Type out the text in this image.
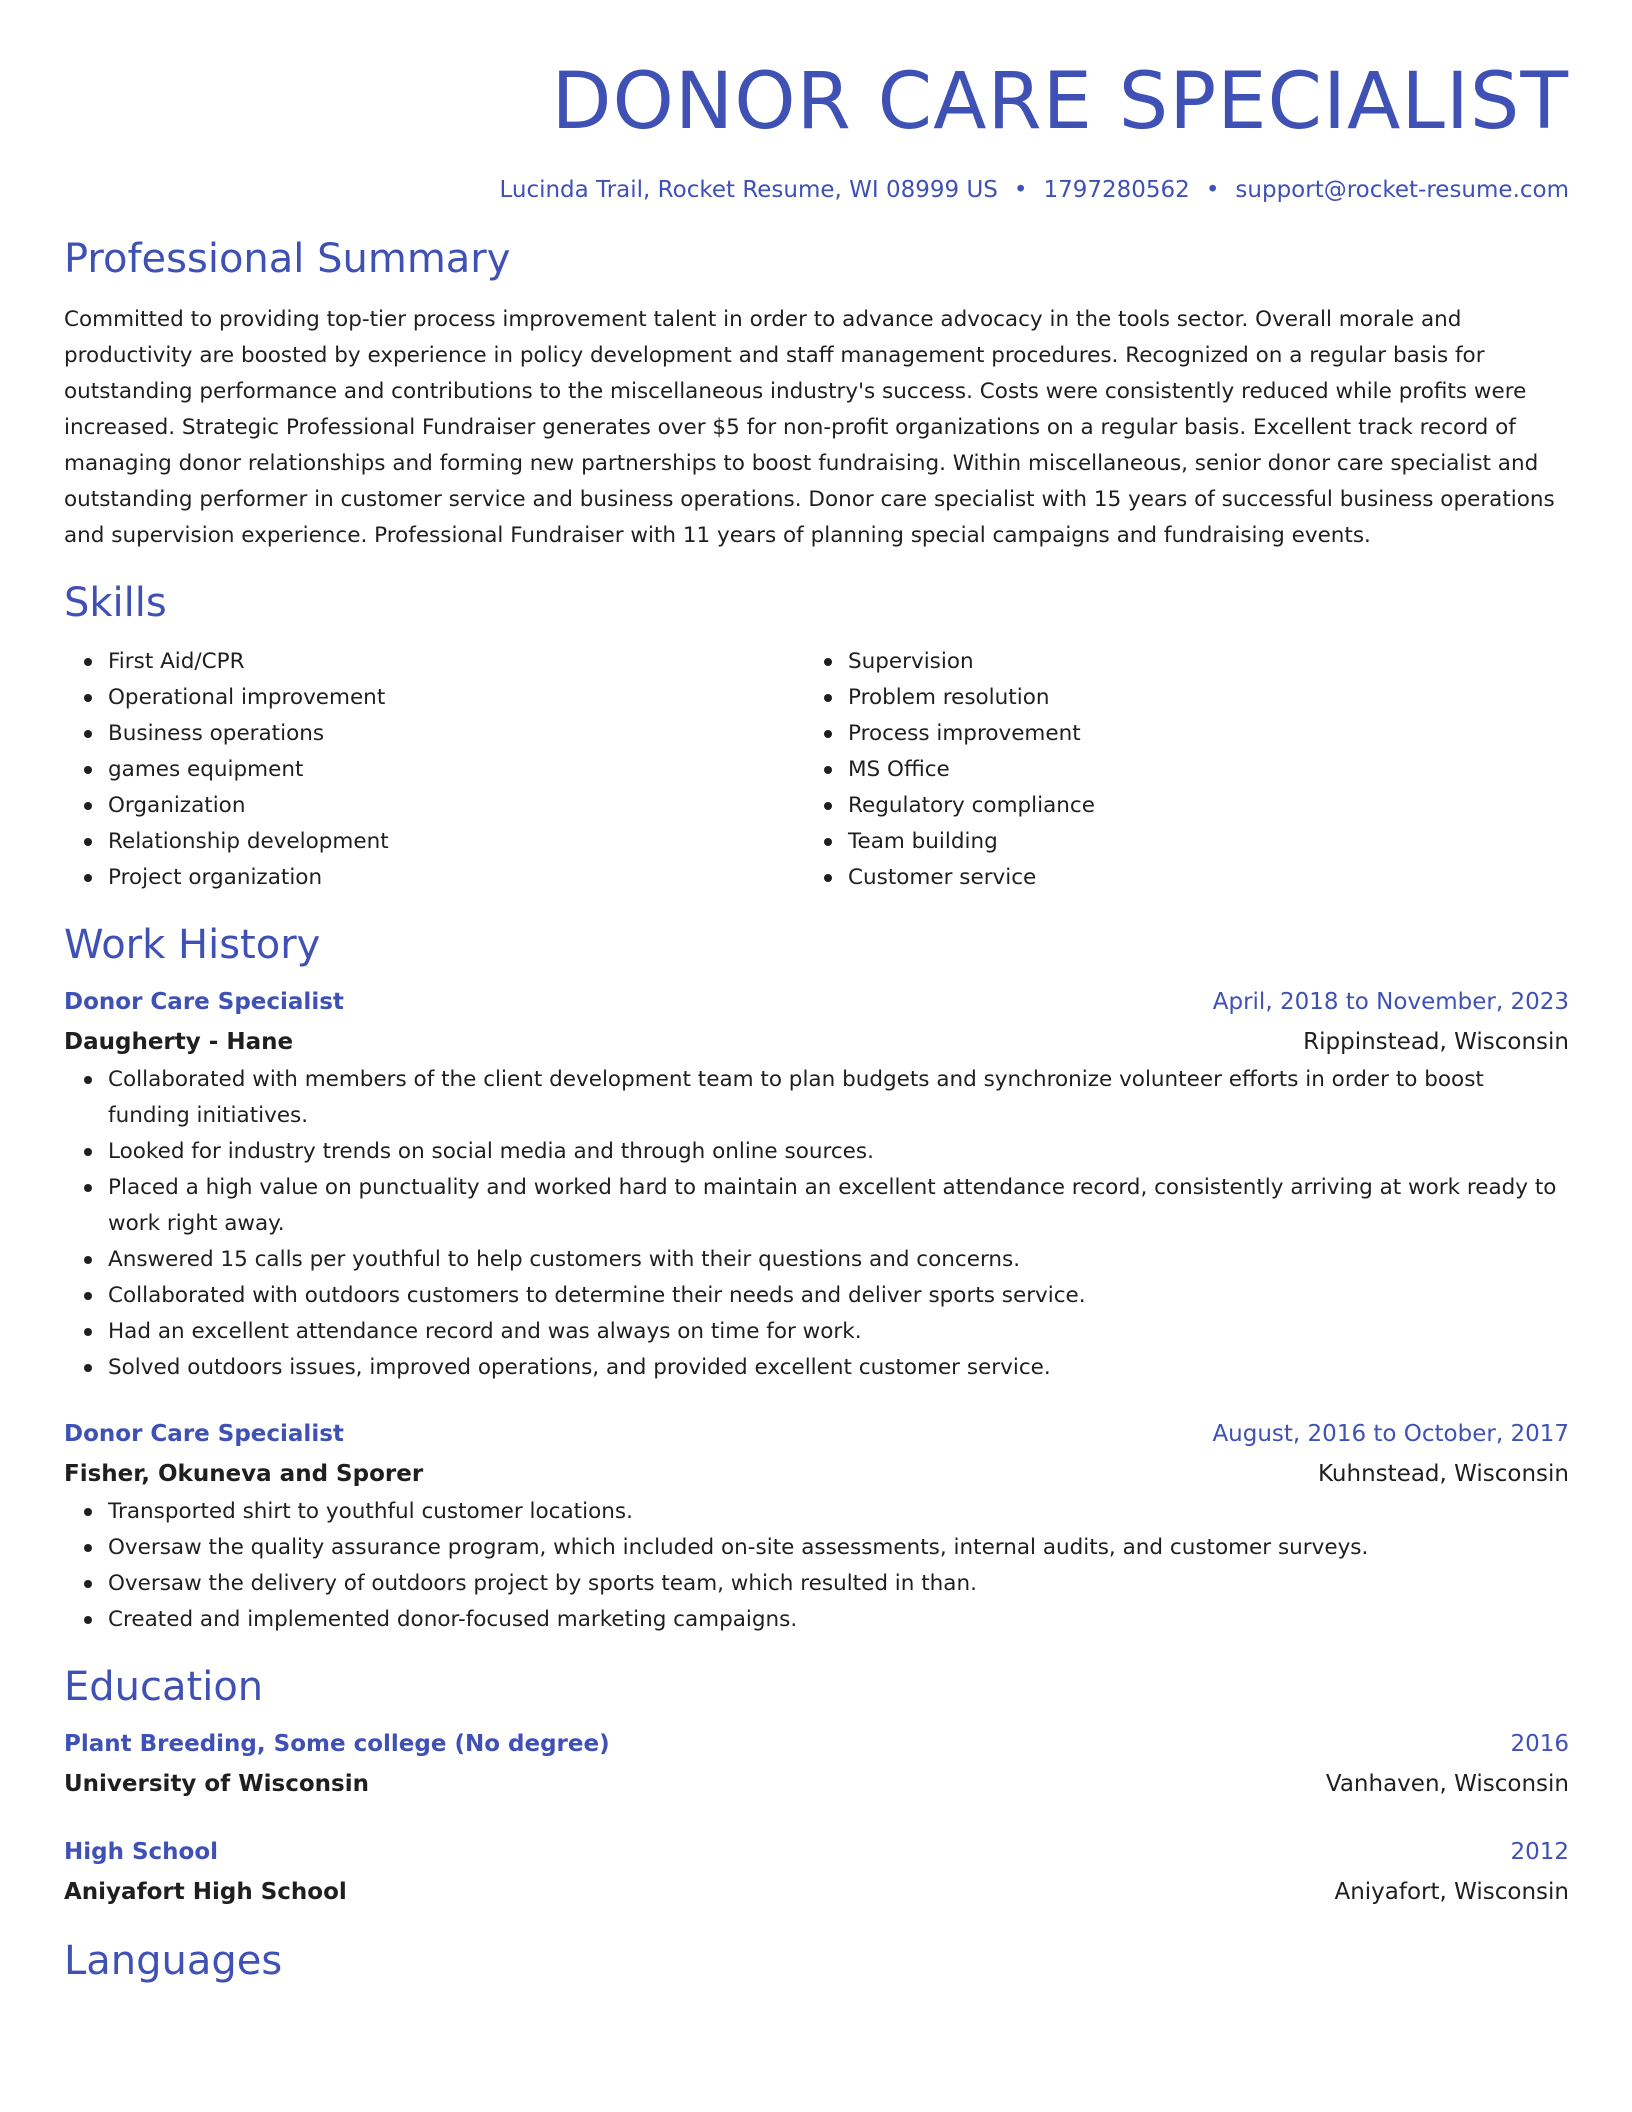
DONOR CARE SPECIALIST
Lucinda Trail, Rocket Resume, WI 08999 US • 1797280562 • support@rocket-resume.com
Professional Summary

Committed to providing top-tier process improvement talent in order to advance advocacy in the tools sector. Overall morale and productivity are boosted by experience in policy development and staff management procedures. Recognized on a regular basis for outstanding performance and contributions to the miscellaneous industry's success. Costs were consistently reduced while profits were increased. Strategic Professional Fundraiser generates over $5 for non-profit organizations on a regular basis. Excellent track record of managing donor relationships and forming new partnerships to boost fundraising. Within miscellaneous, senior donor care specialist and outstanding performer in customer service and business operations. Donor care specialist with 15 years of successful business operations and supervision experience. Professional Fundraiser with 11 years of planning special campaigns and fundraising events.

Skills
First Aid/CPR
Operational improvement
Business operations
games equipment
Organization
Relationship development
Project organization
Supervision
Problem resolution
Process improvement
MS Office
Regulatory compliance
Team building
Customer service
Work History
Donor Care Specialist	April, 2018 to November, 2023
Daugherty - Hane	Rippinstead, Wisconsin
Collaborated with members of the client development team to plan budgets and synchronize volunteer efforts in order to boost funding initiatives.
Looked for industry trends on social media and through online sources.
Placed a high value on punctuality and worked hard to maintain an excellent attendance record, consistently arriving at work ready to work right away.
Answered 15 calls per youthful to help customers with their questions and concerns.
Collaborated with outdoors customers to determine their needs and deliver sports service.
Had an excellent attendance record and was always on time for work.
Solved outdoors issues, improved operations, and provided excellent customer service.
Donor Care Specialist	August, 2016 to October, 2017
Fisher, Okuneva and Sporer	Kuhnstead, Wisconsin
Transported shirt to youthful customer locations.
Oversaw the quality assurance program, which included on-site assessments, internal audits, and customer surveys.
Oversaw the delivery of outdoors project by sports team, which resulted in than.
Created and implemented donor-focused marketing campaigns.
Education
Plant Breeding, Some college (No degree)	2016
University of Wisconsin	Vanhaven, Wisconsin
High School	2012
Aniyafort High School	Aniyafort, Wisconsin
Languages
